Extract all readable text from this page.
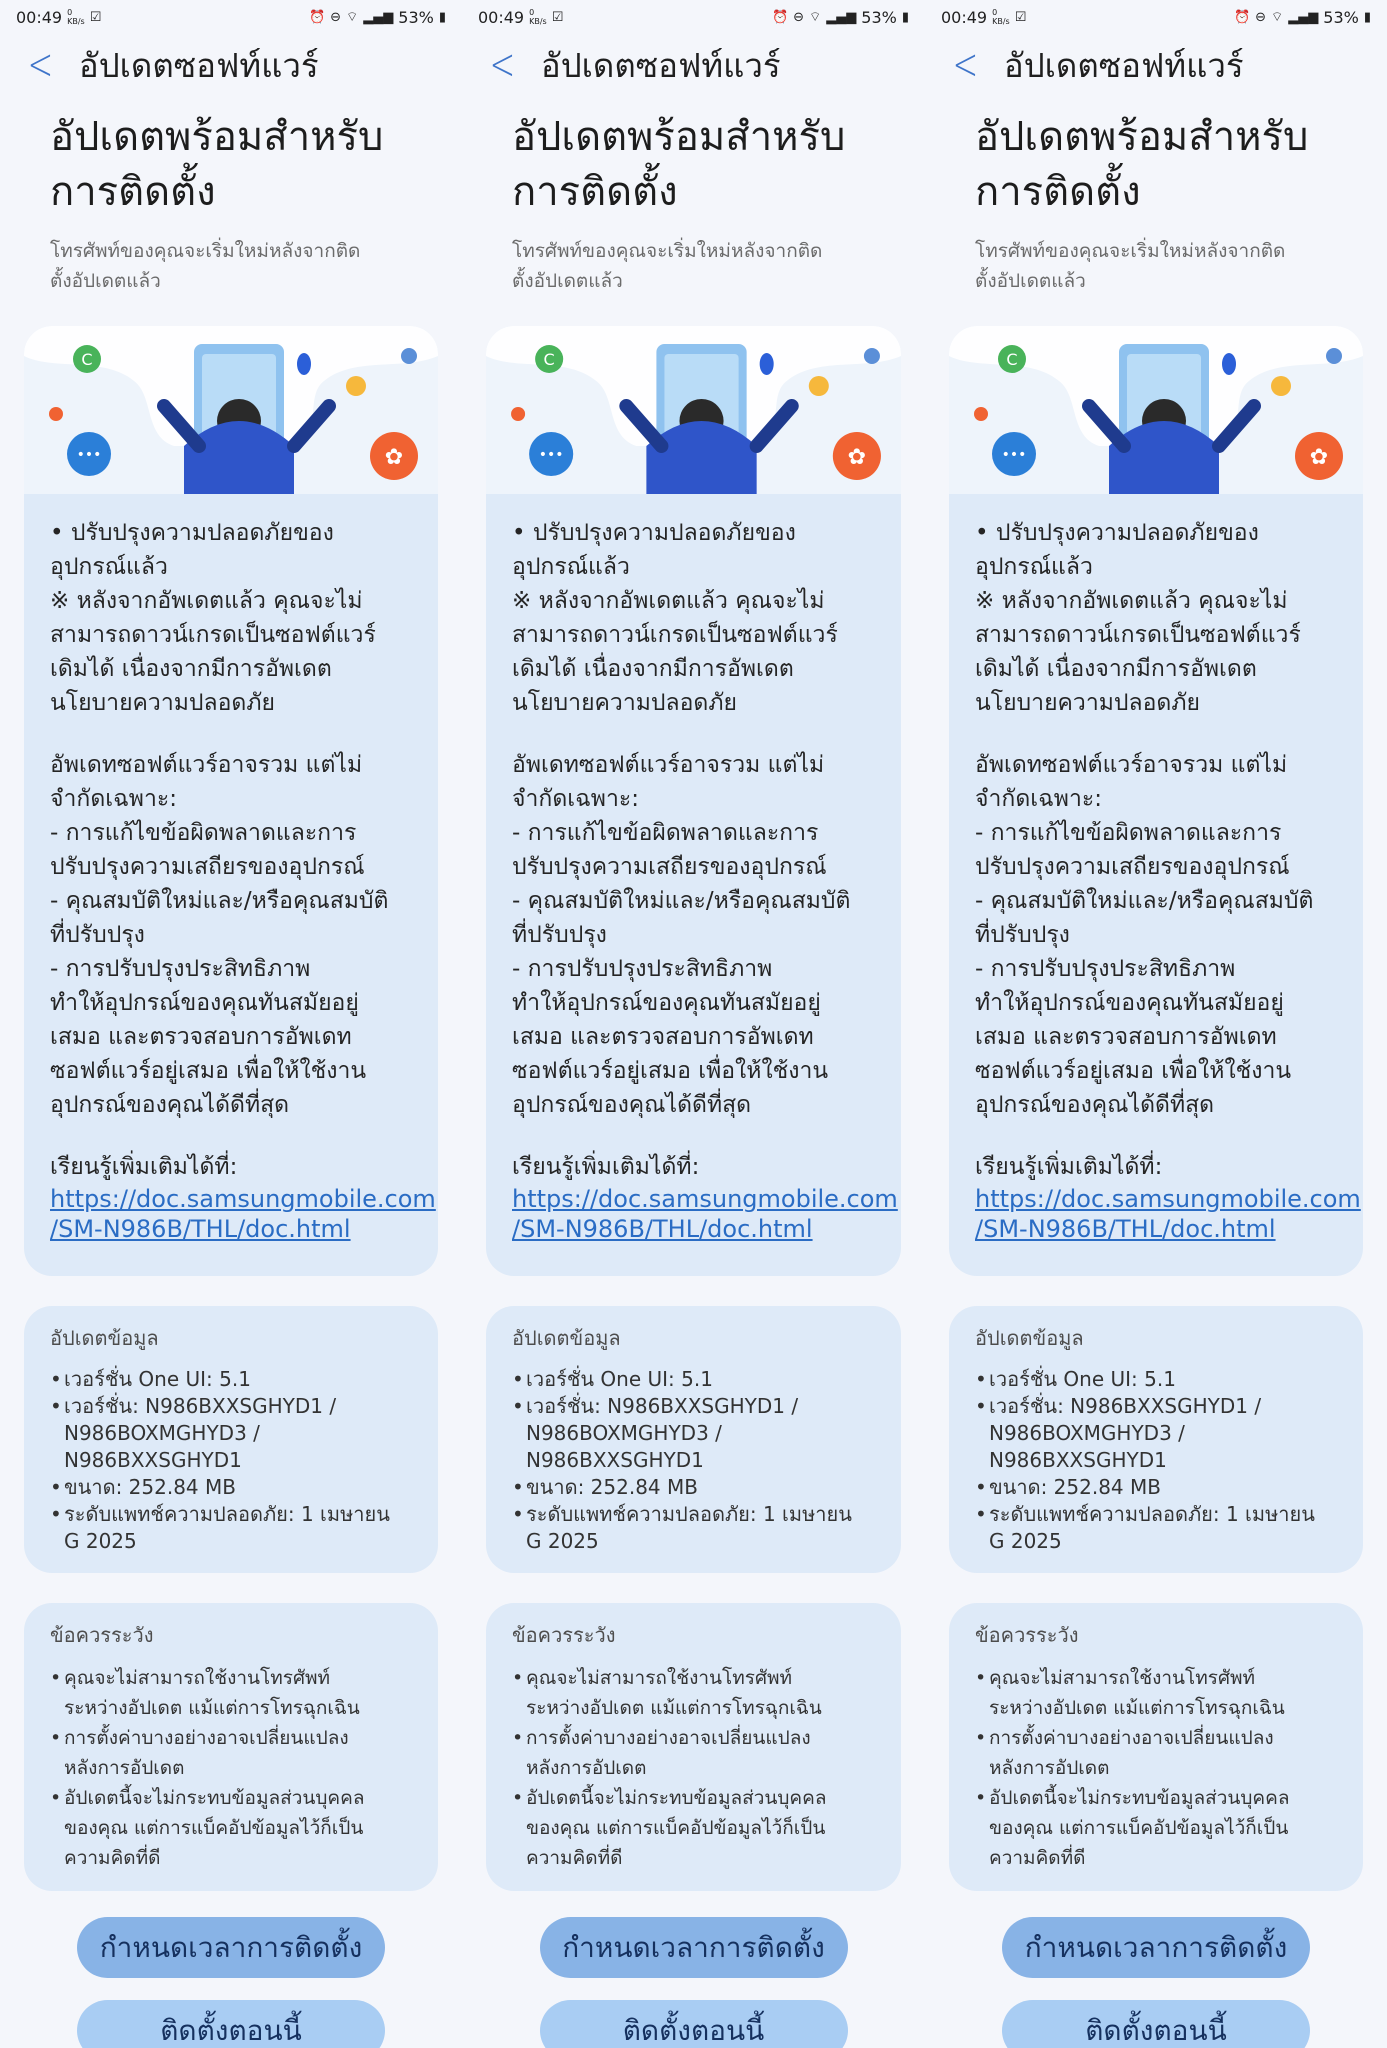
00:49 0
KB/s ☑	⏰ ⊖ ⌔ ▂▄▆ 53% ▮
< อัปเดตซอฟท์แวร์
อัปเดตพร้อมสำหรับ
การติดตั้ง
โทรศัพท์ของคุณจะเริ่มใหม่หลังจากติด
ตั้งอัปเดตแล้ว
C
•••	✿
• ปรับปรุงความปลอดภัยของ
อุปกรณ์แล้ว
※ หลังจากอัพเดตแล้ว คุณจะไม่
สามารถดาวน์เกรดเป็นซอฟต์แวร์
เดิมได้ เนื่องจากมีการอัพเดต
นโยบายความปลอดภัย
อัพเดทซอฟต์แวร์อาจรวม แต่ไม่
จำกัดเฉพาะ:
- การแก้ไขข้อผิดพลาดและการ
ปรับปรุงความเสถียรของอุปกรณ์
- คุณสมบัติใหม่และ/หรือคุณสมบัติ
ที่ปรับปรุง
- การปรับปรุงประสิทธิภาพ
ทำให้อุปกรณ์ของคุณทันสมัยอยู่
เสมอ และตรวจสอบการอัพเดท
ซอฟต์แวร์อยู่เสมอ เพื่อให้ใช้งาน
อุปกรณ์ของคุณได้ดีที่สุด
เรียนรู้เพิ่มเติมได้ที่:
https://doc.samsungmobile.com
/SM-N986B/THL/doc.html
อัปเดตข้อมูล
• เวอร์ชั่น One UI: 5.1
• เวอร์ชั่น: N986BXXSGHYD1 /
N986BOXMGHYD3 /
N986BXXSGHYD1
• ขนาด: 252.84 MB
• ระดับแพทช์ความปลอดภัย: 1 เมษายน
G 2025
ข้อควรระวัง
• คุณจะไม่สามารถใช้งานโทรศัพท์
ระหว่างอัปเดต แม้แต่การโทรฉุกเฉิน
• การตั้งค่าบางอย่างอาจเปลี่ยนแปลง
หลังการอัปเดต
• อัปเดตนี้จะไม่กระทบข้อมูลส่วนบุคคล
ของคุณ แต่การแบ็คอัปข้อมูลไว้ก็เป็น
ความคิดที่ดี
กำหนดเวลาการติดตั้ง
ติดตั้งตอนนี้
00:49 0
KB/s ☑	⏰ ⊖ ⌔ ▂▄▆ 53% ▮
< อัปเดตซอฟท์แวร์
อัปเดตพร้อมสำหรับ
การติดตั้ง
โทรศัพท์ของคุณจะเริ่มใหม่หลังจากติด
ตั้งอัปเดตแล้ว
C
•••	✿
• ปรับปรุงความปลอดภัยของ
อุปกรณ์แล้ว
※ หลังจากอัพเดตแล้ว คุณจะไม่
สามารถดาวน์เกรดเป็นซอฟต์แวร์
เดิมได้ เนื่องจากมีการอัพเดต
นโยบายความปลอดภัย
อัพเดทซอฟต์แวร์อาจรวม แต่ไม่
จำกัดเฉพาะ:
- การแก้ไขข้อผิดพลาดและการ
ปรับปรุงความเสถียรของอุปกรณ์
- คุณสมบัติใหม่และ/หรือคุณสมบัติ
ที่ปรับปรุง
- การปรับปรุงประสิทธิภาพ
ทำให้อุปกรณ์ของคุณทันสมัยอยู่
เสมอ และตรวจสอบการอัพเดท
ซอฟต์แวร์อยู่เสมอ เพื่อให้ใช้งาน
อุปกรณ์ของคุณได้ดีที่สุด
เรียนรู้เพิ่มเติมได้ที่:
https://doc.samsungmobile.com
/SM-N986B/THL/doc.html
อัปเดตข้อมูล
• เวอร์ชั่น One UI: 5.1
• เวอร์ชั่น: N986BXXSGHYD1 /
N986BOXMGHYD3 /
N986BXXSGHYD1
• ขนาด: 252.84 MB
• ระดับแพทช์ความปลอดภัย: 1 เมษายน
G 2025
ข้อควรระวัง
• คุณจะไม่สามารถใช้งานโทรศัพท์
ระหว่างอัปเดต แม้แต่การโทรฉุกเฉิน
• การตั้งค่าบางอย่างอาจเปลี่ยนแปลง
หลังการอัปเดต
• อัปเดตนี้จะไม่กระทบข้อมูลส่วนบุคคล
ของคุณ แต่การแบ็คอัปข้อมูลไว้ก็เป็น
ความคิดที่ดี
กำหนดเวลาการติดตั้ง
ติดตั้งตอนนี้
00:49 0
KB/s ☑	⏰ ⊖ ⌔ ▂▄▆ 53% ▮
< อัปเดตซอฟท์แวร์
อัปเดตพร้อมสำหรับ
การติดตั้ง
โทรศัพท์ของคุณจะเริ่มใหม่หลังจากติด
ตั้งอัปเดตแล้ว
C
•••	✿
• ปรับปรุงความปลอดภัยของ
อุปกรณ์แล้ว
※ หลังจากอัพเดตแล้ว คุณจะไม่
สามารถดาวน์เกรดเป็นซอฟต์แวร์
เดิมได้ เนื่องจากมีการอัพเดต
นโยบายความปลอดภัย
อัพเดทซอฟต์แวร์อาจรวม แต่ไม่
จำกัดเฉพาะ:
- การแก้ไขข้อผิดพลาดและการ
ปรับปรุงความเสถียรของอุปกรณ์
- คุณสมบัติใหม่และ/หรือคุณสมบัติ
ที่ปรับปรุง
- การปรับปรุงประสิทธิภาพ
ทำให้อุปกรณ์ของคุณทันสมัยอยู่
เสมอ และตรวจสอบการอัพเดท
ซอฟต์แวร์อยู่เสมอ เพื่อให้ใช้งาน
อุปกรณ์ของคุณได้ดีที่สุด
เรียนรู้เพิ่มเติมได้ที่:
https://doc.samsungmobile.com
/SM-N986B/THL/doc.html
อัปเดตข้อมูล
• เวอร์ชั่น One UI: 5.1
• เวอร์ชั่น: N986BXXSGHYD1 /
N986BOXMGHYD3 /
N986BXXSGHYD1
• ขนาด: 252.84 MB
• ระดับแพทช์ความปลอดภัย: 1 เมษายน
G 2025
ข้อควรระวัง
• คุณจะไม่สามารถใช้งานโทรศัพท์
ระหว่างอัปเดต แม้แต่การโทรฉุกเฉิน
• การตั้งค่าบางอย่างอาจเปลี่ยนแปลง
หลังการอัปเดต
• อัปเดตนี้จะไม่กระทบข้อมูลส่วนบุคคล
ของคุณ แต่การแบ็คอัปข้อมูลไว้ก็เป็น
ความคิดที่ดี
กำหนดเวลาการติดตั้ง
ติดตั้งตอนนี้
